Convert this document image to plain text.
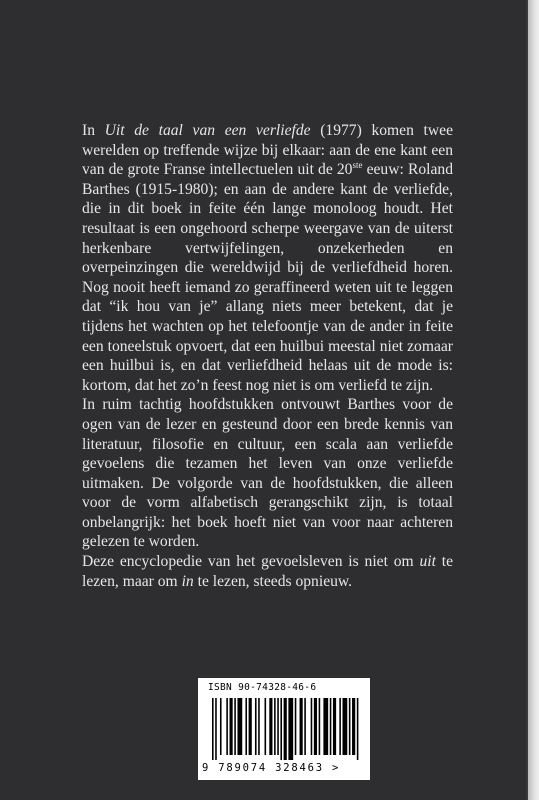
In Uit de taal van een verliefde (1977) komen twee werelden op treffende wijze bij elkaar: aan de ene kant een van de grote Franse intellectuelen uit de 20ste eeuw: Roland Barthes (1915-1980); en aan de andere kant de verliefde, die in dit boek in feite één lange monoloog houdt. Het resultaat is een ongehoord scherpe weergave van de uiterst herkenbare vertwijfelingen, onzekerheden en overpeinzingen die wereldwijd bij de verliefdheid horen. Nog nooit heeft iemand zo geraffineerd weten uit te leggen dat “ik hou van je” allang niets meer betekent, dat je tijdens het wachten op het telefoontje van de ander in feite een toneelstuk opvoert, dat een huilbui meestal niet zomaar een huilbui is, en dat verliefdheid helaas uit de mode is: kortom, dat het zo’n feest nog niet is om verliefd te zijn.

In ruim tachtig hoofdstukken ontvouwt Barthes voor de ogen van de lezer en gesteund door een brede kennis van literatuur, filosofie en cultuur, een scala aan verliefde gevoelens die tezamen het leven van onze verliefde uitmaken. De volgorde van de hoofdstukken, die alleen voor de vorm alfabetisch gerangschikt zijn, is totaal onbelangrijk: het boek hoeft niet van voor naar achteren gelezen te worden.

Deze encyclopedie van het gevoelsleven is niet om uit te lezen, maar om in te lezen, steeds opnieuw.

ISBN 90-74328-46-6
9 789074 328463 >
